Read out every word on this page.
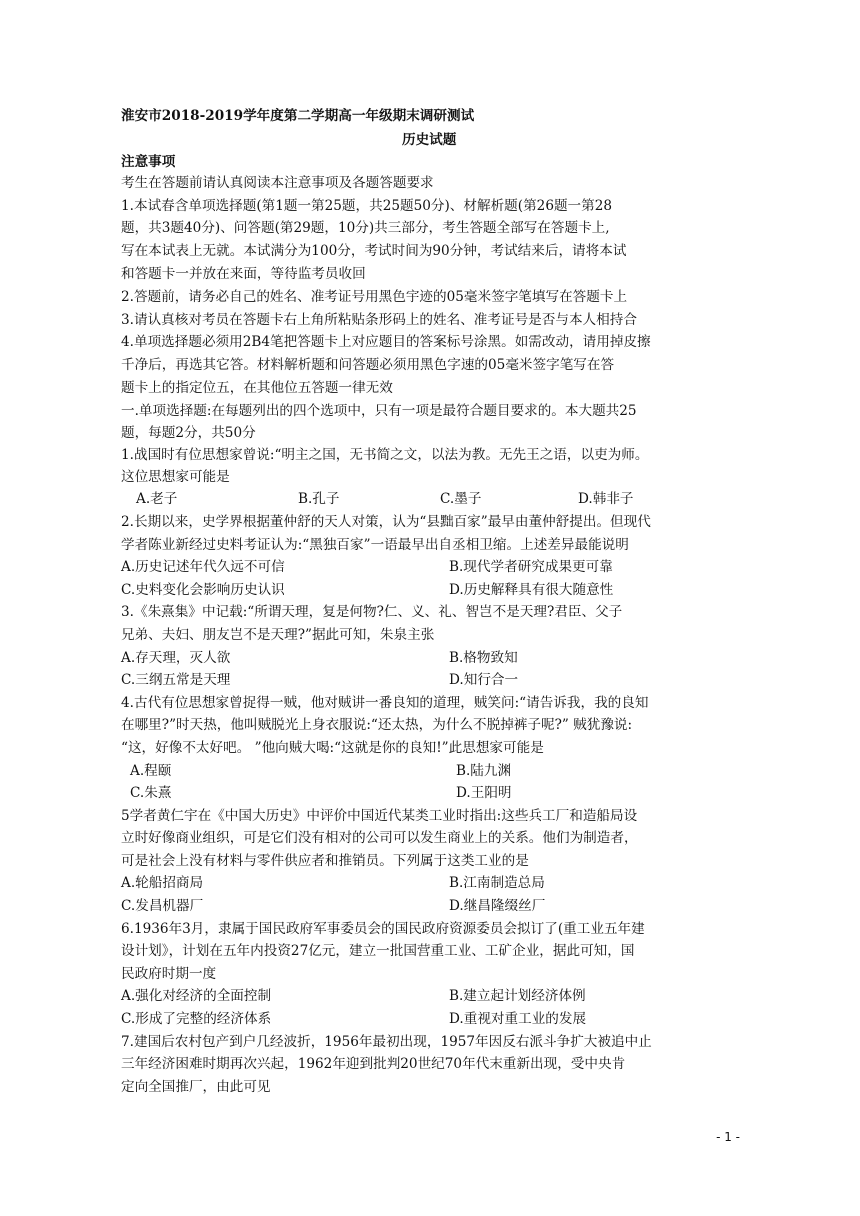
淮安市2018-2019学年度第二学期高一年级期末调研测试
历史试题
注意事项
考生在答题前请认真阅读本注意事项及各题答题要求
1.本试春含单项选择题(第1题一第25题，共25题50分)、材解析题(第26题一第28
题，共3题40分)、问答题(第29题，10分)共三部分，考生答题全部写在答题卡上,
写在本试表上无就。本试满分为100分，考试时间为90分钟，考试结来后，请将本试
和答题卡一并放在来面，等待监考员收回
2.答题前，请务必自己的姓名、准考证号用黑色宇迹的05毫米签字笔填写在答题卡上
3.请认真核对考员在答题卡右上角所粘贴条形码上的姓名、准考证号是否与本人相持合
4.单项选择题必须用2B4笔把答题卡上对应题目的答案标号涂黑。如需改动，请用掉皮擦
千净后，再选其它答。材料解析题和问答题必须用黑色字速的05毫米签字笔写在答
题卡上的指定位五，在其他位五答题一律无效
一.单项选择题:在每题列出的四个选项中，只有一项是最符合题目要求的。本大题共25
题，每题2分，共50分
1.战国时有位思想家曾说:“明主之国，无书简之文，以法为教。无先王之语，以吏为师。
这位思想家可能是
A.老子	B.孔子	C.墨子	D.韩非子
2.长期以来，史学界根据董仲舒的天人对策，认为“县黜百家”最早由董仲舒提出。但现代
学者陈业新经过史料考证认为:“黑独百家”一语最早出自丞相卫缩。上述差异最能说明
A.历史记述年代久远不可信	B.现代学者研究成果更可靠
C.史料变化会影响历史认识	D.历史解释具有很大随意性
3.《朱熹集》中记载:“所谓天理，复是何物?仁、义、礼、智岂不是天理?君臣、父子
兄弟、夫妇、朋友岂不是天理?”据此可知，朱泉主张
A.存天理，灭人欲	B.格物致知
C.三纲五常是天理	D.知行合一
4.古代有位思想家曾捉得一贼，他对贼讲一番良知的道理，贼笑问:“请告诉我，我的良知
在哪里?”时天热，他叫贼脱光上身衣服说:“还太热，为什么不脱掉裤子呢?” 贼犹豫说:
“这，好像不太好吧。 ”他向贼大喝:“这就是你的良知!”此思想家可能是
A.程颐	B.陆九渊
C.朱熹	D.王阳明
5学者黄仁宇在《中国大历史》中评价中国近代某类工业时指出:这些兵工厂和造船局设
立时好像商业组织，可是它们没有相对的公司可以发生商业上的关系。他们为制造者，
可是社会上没有材料与零件供应者和推销员。下列属于这类工业的是
A.轮船招商局	B.江南制造总局
C.发昌机器厂	D.继昌隆缀丝厂
6.1936年3月，隶属于国民政府军事委员会的国民政府资源委员会拟订了(重工业五年建
设计划》，计划在五年内投资27亿元，建立一批国营重工业、工矿企业，据此可知，国
民政府时期一度
A.强化对经济的全面控制	B.建立起计划经济体例
C.形成了完整的经济体系	D.重视对重工业的发展
7.建国后农村包产到户几经波折，1956年最初出现，1957年因反右派斗争扩大被追中止
三年经济困难时期再次兴起，1962年迎到批判20世纪70年代末重新出现，受中央肯
定向全国推厂，由此可见
- 1 -
